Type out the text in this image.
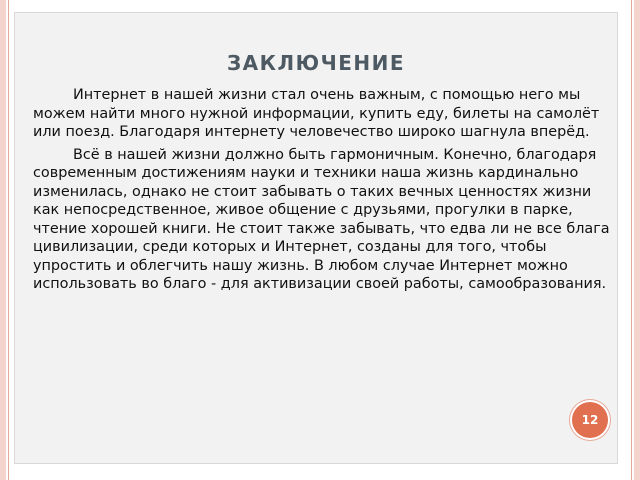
ЗАКЛЮЧЕНИЕ

Интернет в нашей жизни стал очень важным, с помощью него мы можем найти много нужной информации, купить еду, билеты на самолёт или поезд. Благодаря интернету человечество широко шагнула вперёд.

Всё в нашей жизни должно быть гармоничным. Конечно, благодаря современным достижениям науки и техники наша жизнь кардинально изменилась, однако не стоит забывать о таких вечных ценностях жизни как непосредственное, живое общение с друзьями, прогулки в парке, чтение хорошей книги. Не стоит также забывать, что едва ли не все блага цивилизации, среди которых и Интернет, созданы для того, чтобы упростить и облегчить нашу жизнь. В любом случае Интернет можно использовать во благо - для активизации своей работы, самообразования.

12
